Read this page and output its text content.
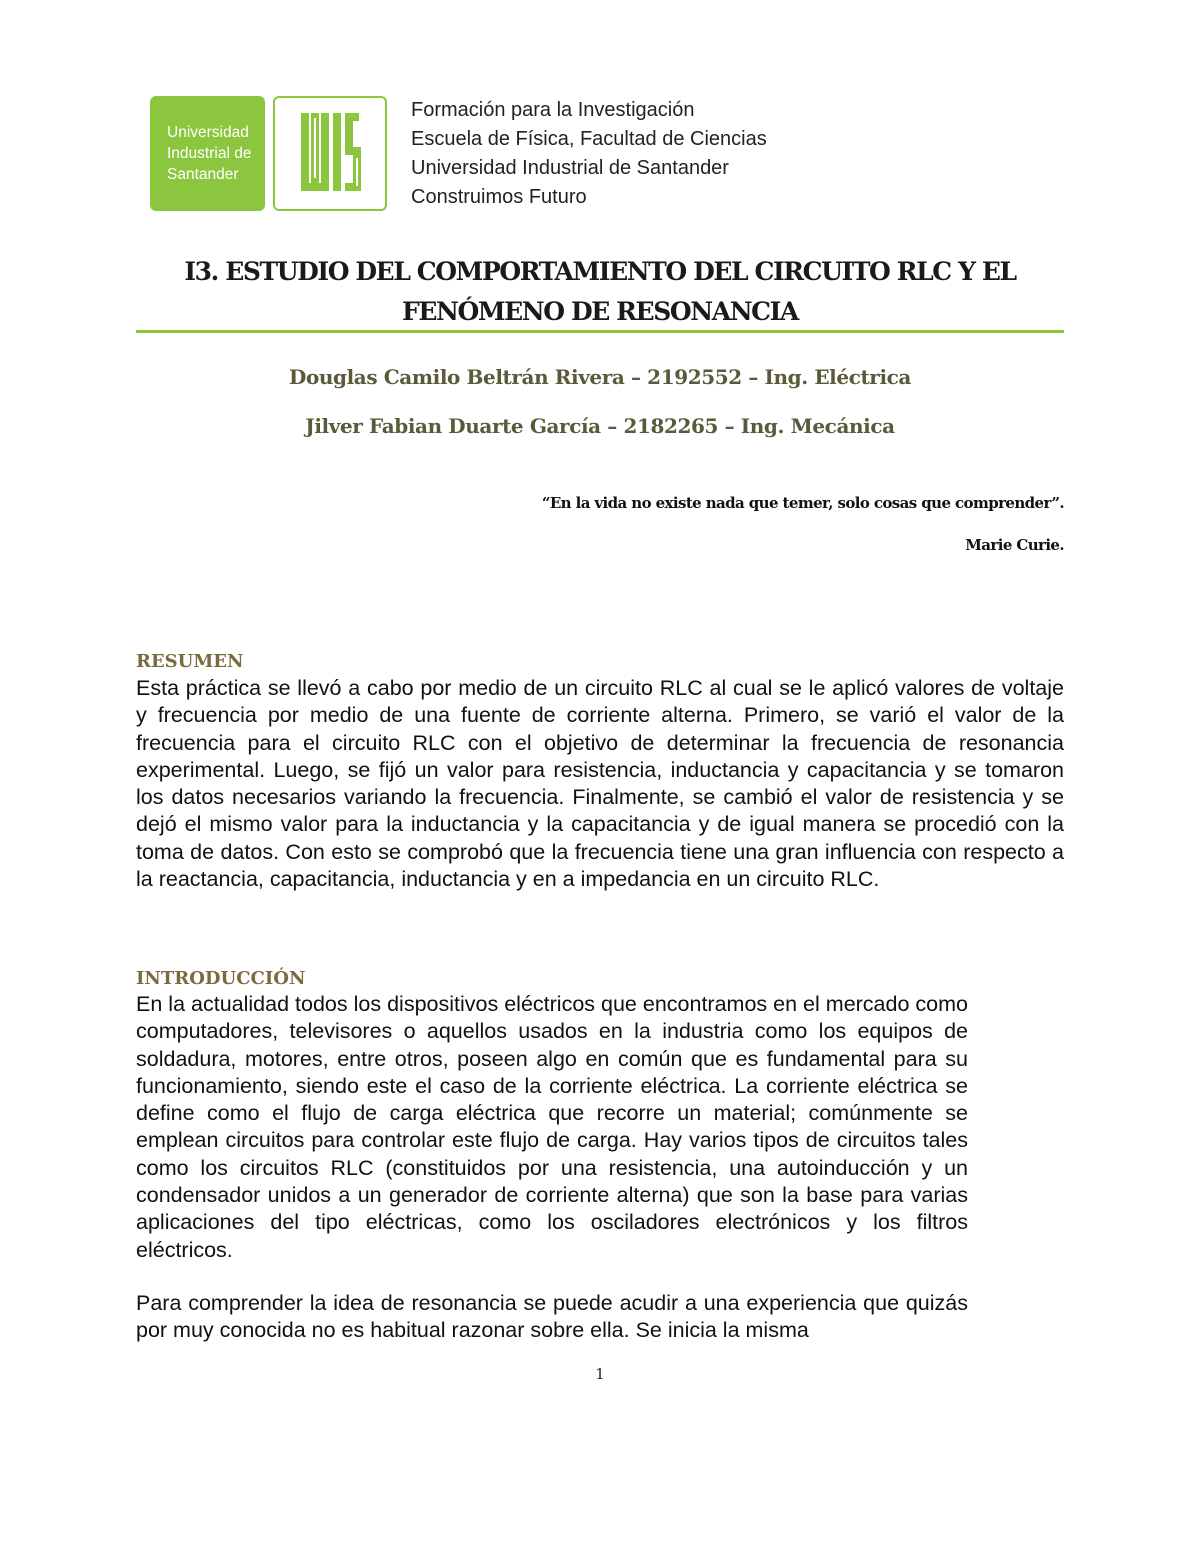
Universidad
Industrial de
Santander
Formación para la Investigación
Escuela de Física, Facultad de Ciencias
Universidad Industrial de Santander
Construimos Futuro
I3. ESTUDIO DEL COMPORTAMIENTO DEL CIRCUITO RLC Y EL
FENÓMENO DE RESONANCIA
Douglas Camilo Beltrán Rivera – 2192552 – Ing. Eléctrica
Jilver Fabian Duarte García – 2182265 – Ing. Mecánica
“En la vida no existe nada que temer, solo cosas que comprender”.
Marie Curie.
RESUMEN

Esta práctica se llevó a cabo por medio de un circuito RLC al cual se le aplicó valores de voltaje y frecuencia por medio de una fuente de corriente alterna. Primero, se varió el valor de la frecuencia para el circuito RLC con el objetivo de determinar la frecuencia de resonancia experimental. Luego, se fijó un valor para resistencia, inductancia y capacitancia y se tomaron los datos necesarios variando la frecuencia. Finalmente, se cambió el valor de resistencia y se dejó el mismo valor para la inductancia y la capacitancia y de igual manera se procedió con la toma de datos. Con esto se comprobó que la frecuencia tiene una gran influencia con respecto a la reactancia, capacitancia, inductancia y en a impedancia en un circuito RLC.

INTRODUCCIÓN

En la actualidad todos los dispositivos eléctricos que encontramos en el mercado como computadores, televisores o aquellos usados en la industria como los equipos de soldadura, motores, entre otros, poseen algo en común que es fundamental para su funcionamiento, siendo este el caso de la corriente eléctrica. La corriente eléctrica se define como el flujo de carga eléctrica que recorre un material; comúnmente se emplean circuitos para controlar este flujo de carga. Hay varios tipos de circuitos tales como los circuitos RLC (constituidos por una resistencia, una autoinducción y un condensador unidos a un generador de corriente alterna) que son la base para varias aplicaciones del tipo eléctricas, como los osciladores electrónicos y los filtros eléctricos.

Para comprender la idea de resonancia se puede acudir a una experiencia que quizás por muy conocida no es habitual razonar sobre ella. Se inicia la misma

1
